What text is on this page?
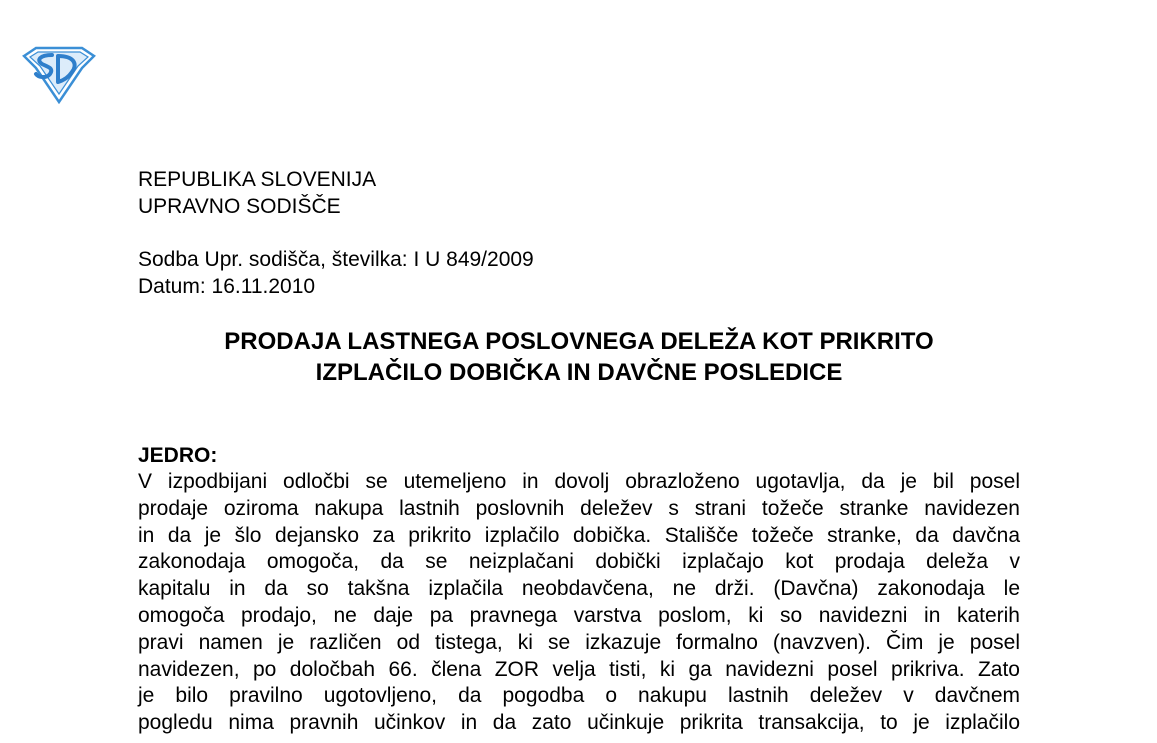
REPUBLIKA SLOVENIJA
UPRAVNO SODIŠČE
Sodba Upr. sodišča, številka: I U 849/2009
Datum: 16.11.2010
PRODAJA LASTNEGA POSLOVNEGA DELEŽA KOT PRIKRITO
IZPLAČILO DOBIČKA IN DAVČNE POSLEDICE
JEDRO:
V izpodbijani odločbi se utemeljeno in dovolj obrazloženo ugotavlja, da je bil posel
prodaje oziroma nakupa lastnih poslovnih deležev s strani tožeče stranke navidezen
in da je šlo dejansko za prikrito izplačilo dobička. Stališče tožeče stranke, da davčna
zakonodaja omogoča, da se neizplačani dobički izplačajo kot prodaja deleža v
kapitalu in da so takšna izplačila neobdavčena, ne drži. (Davčna) zakonodaja le
omogoča prodajo, ne daje pa pravnega varstva poslom, ki so navidezni in katerih
pravi namen je različen od tistega, ki se izkazuje formalno (navzven). Čim je posel
navidezen, po določbah 66. člena ZOR velja tisti, ki ga navidezni posel prikriva. Zato
je bilo pravilno ugotovljeno, da pogodba o nakupu lastnih deležev v davčnem
pogledu nima pravnih učinkov in da zato učinkuje prikrita transakcija, to je izplačilo
